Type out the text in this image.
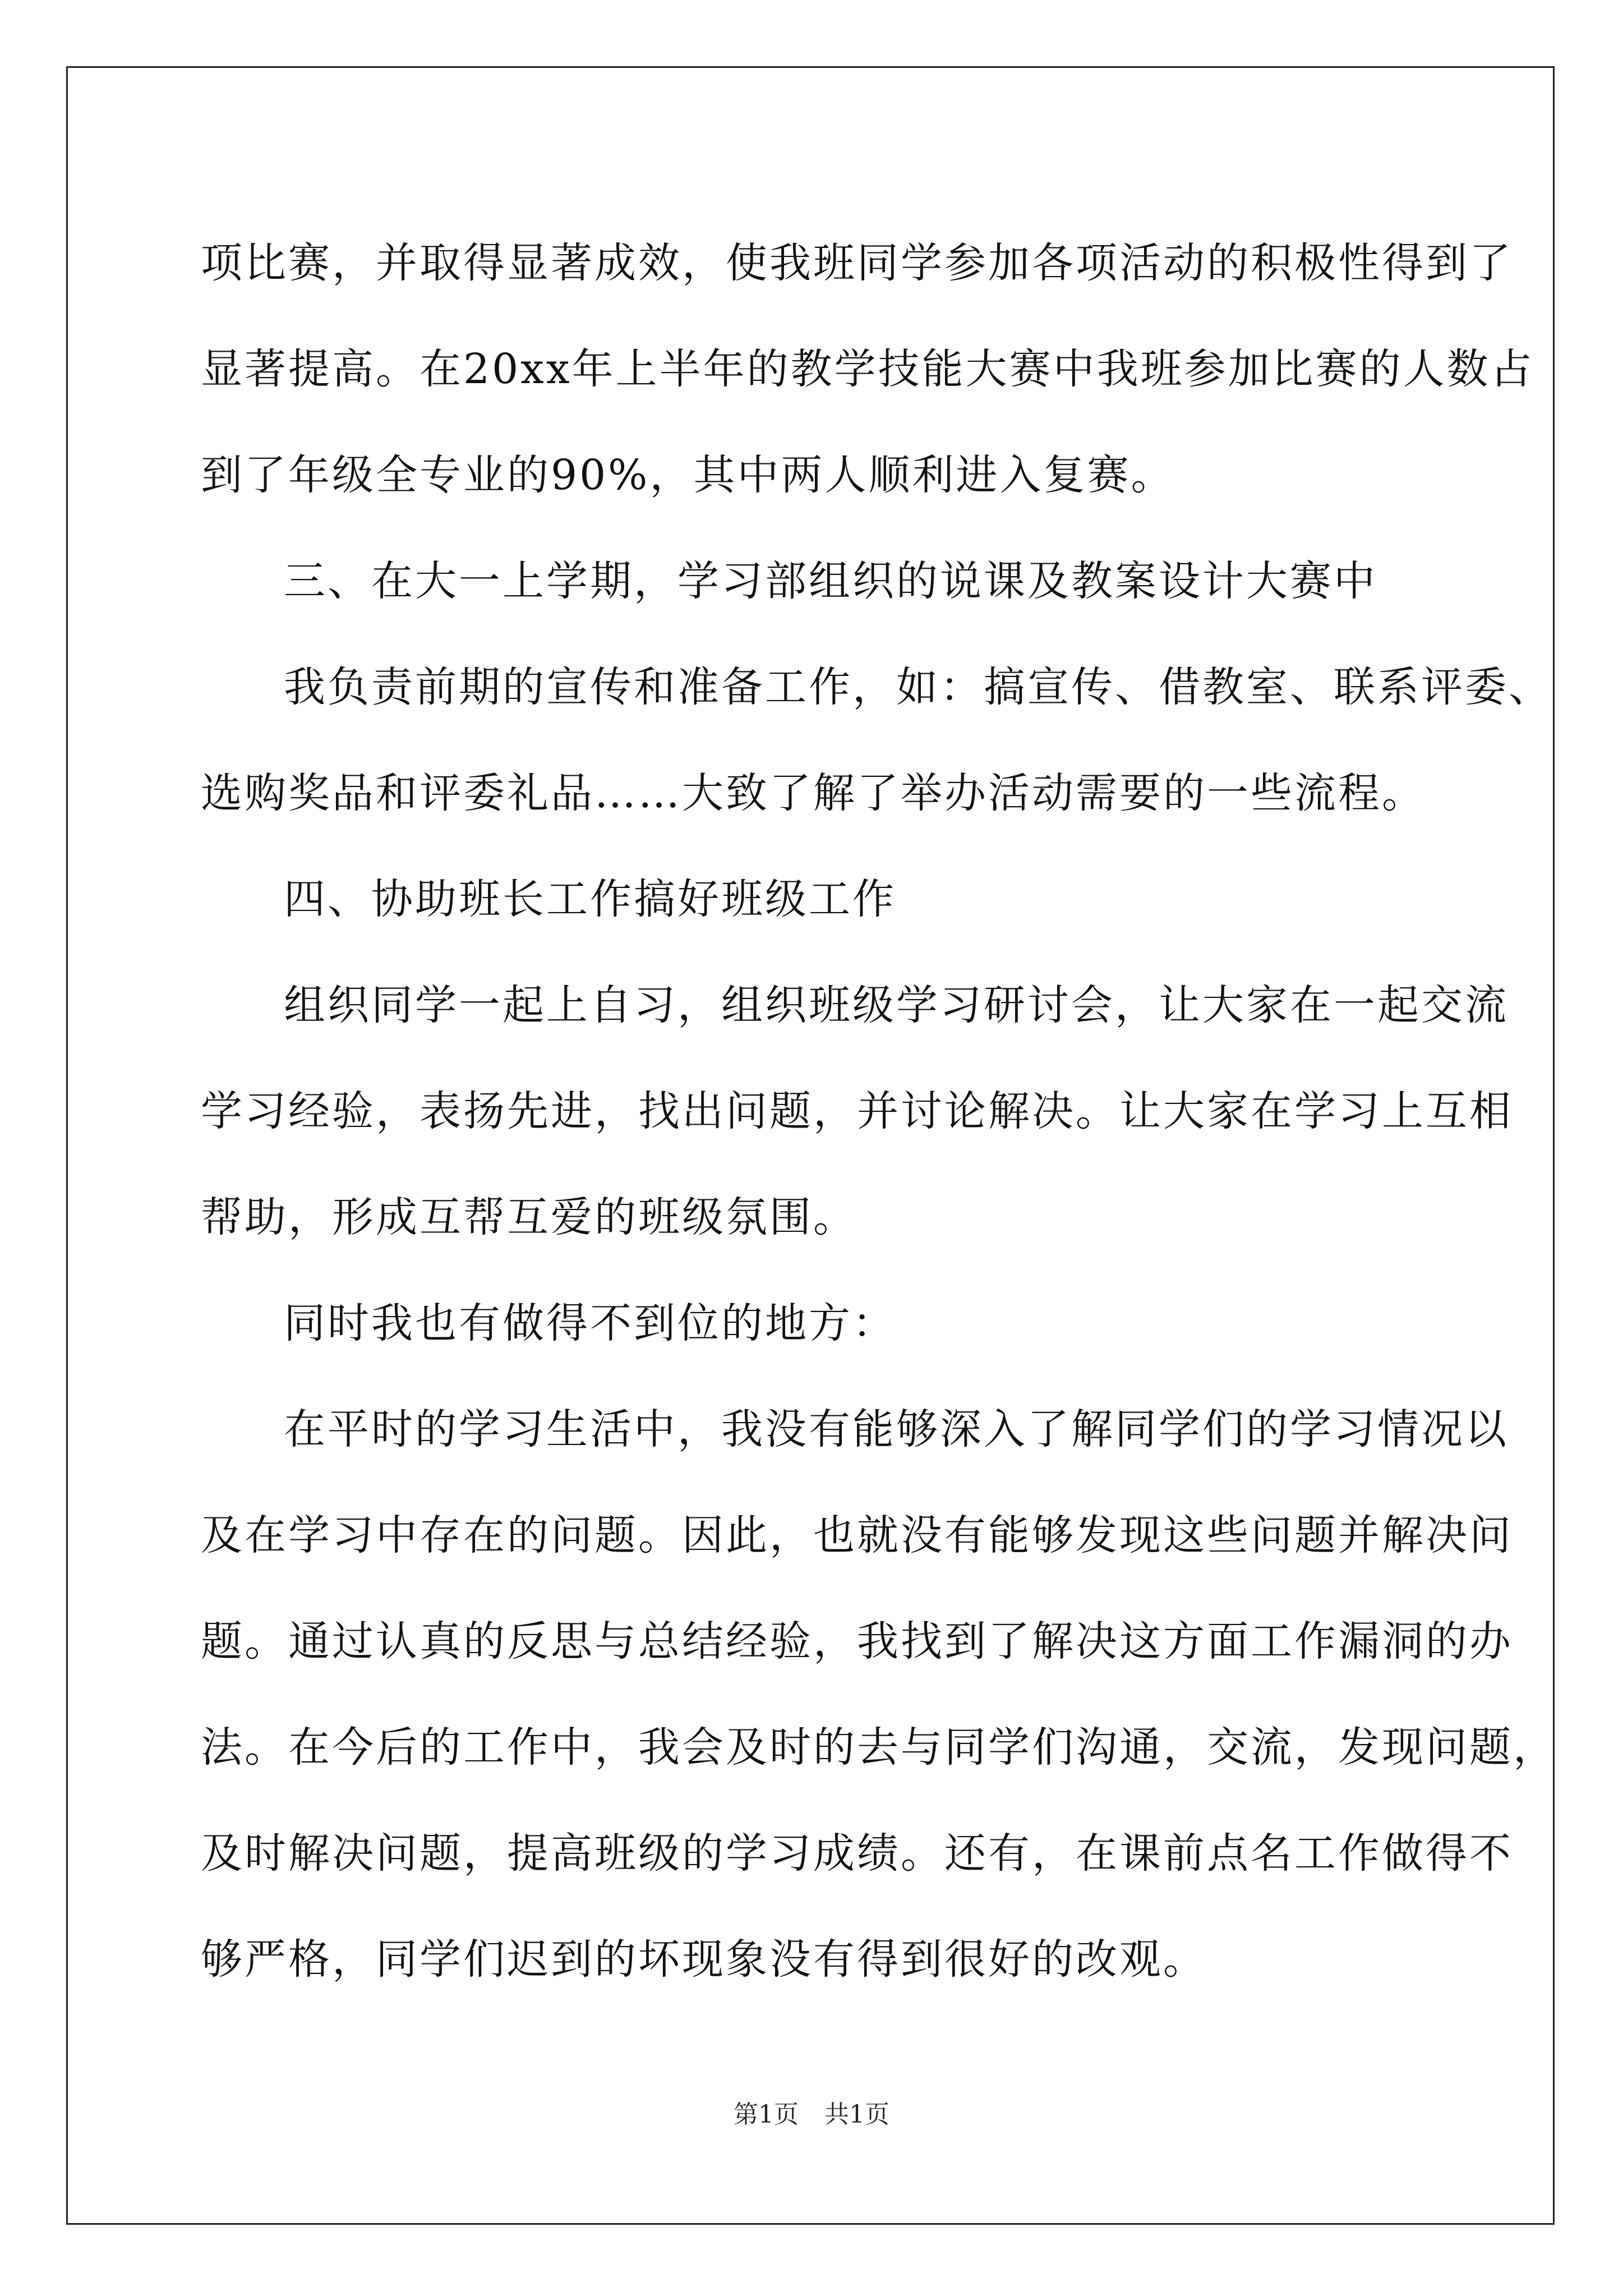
项比赛，并取得显著成效，使我班同学参加各项活动的积极性得到了
显著提高。在20xx年上半年的教学技能大赛中我班参加比赛的人数占
到了年级全专业的90%，其中两人顺利进入复赛。
三、在大一上学期，学习部组织的说课及教案设计大赛中
我负责前期的宣传和准备工作，如：搞宣传、借教室、联系评委、
选购奖品和评委礼品……大致了解了举办活动需要的一些流程。
四、协助班长工作搞好班级工作
组织同学一起上自习，组织班级学习研讨会，让大家在一起交流
学习经验，表扬先进，找出问题，并讨论解决。让大家在学习上互相
帮助，形成互帮互爱的班级氛围。
同时我也有做得不到位的地方：
在平时的学习生活中，我没有能够深入了解同学们的学习情况以
及在学习中存在的问题。因此，也就没有能够发现这些问题并解决问
题。通过认真的反思与总结经验，我找到了解决这方面工作漏洞的办
法。在今后的工作中，我会及时的去与同学们沟通，交流，发现问题，
及时解决问题，提高班级的学习成绩。还有，在课前点名工作做得不
够严格，同学们迟到的坏现象没有得到很好的改观。
第1页 共1页
